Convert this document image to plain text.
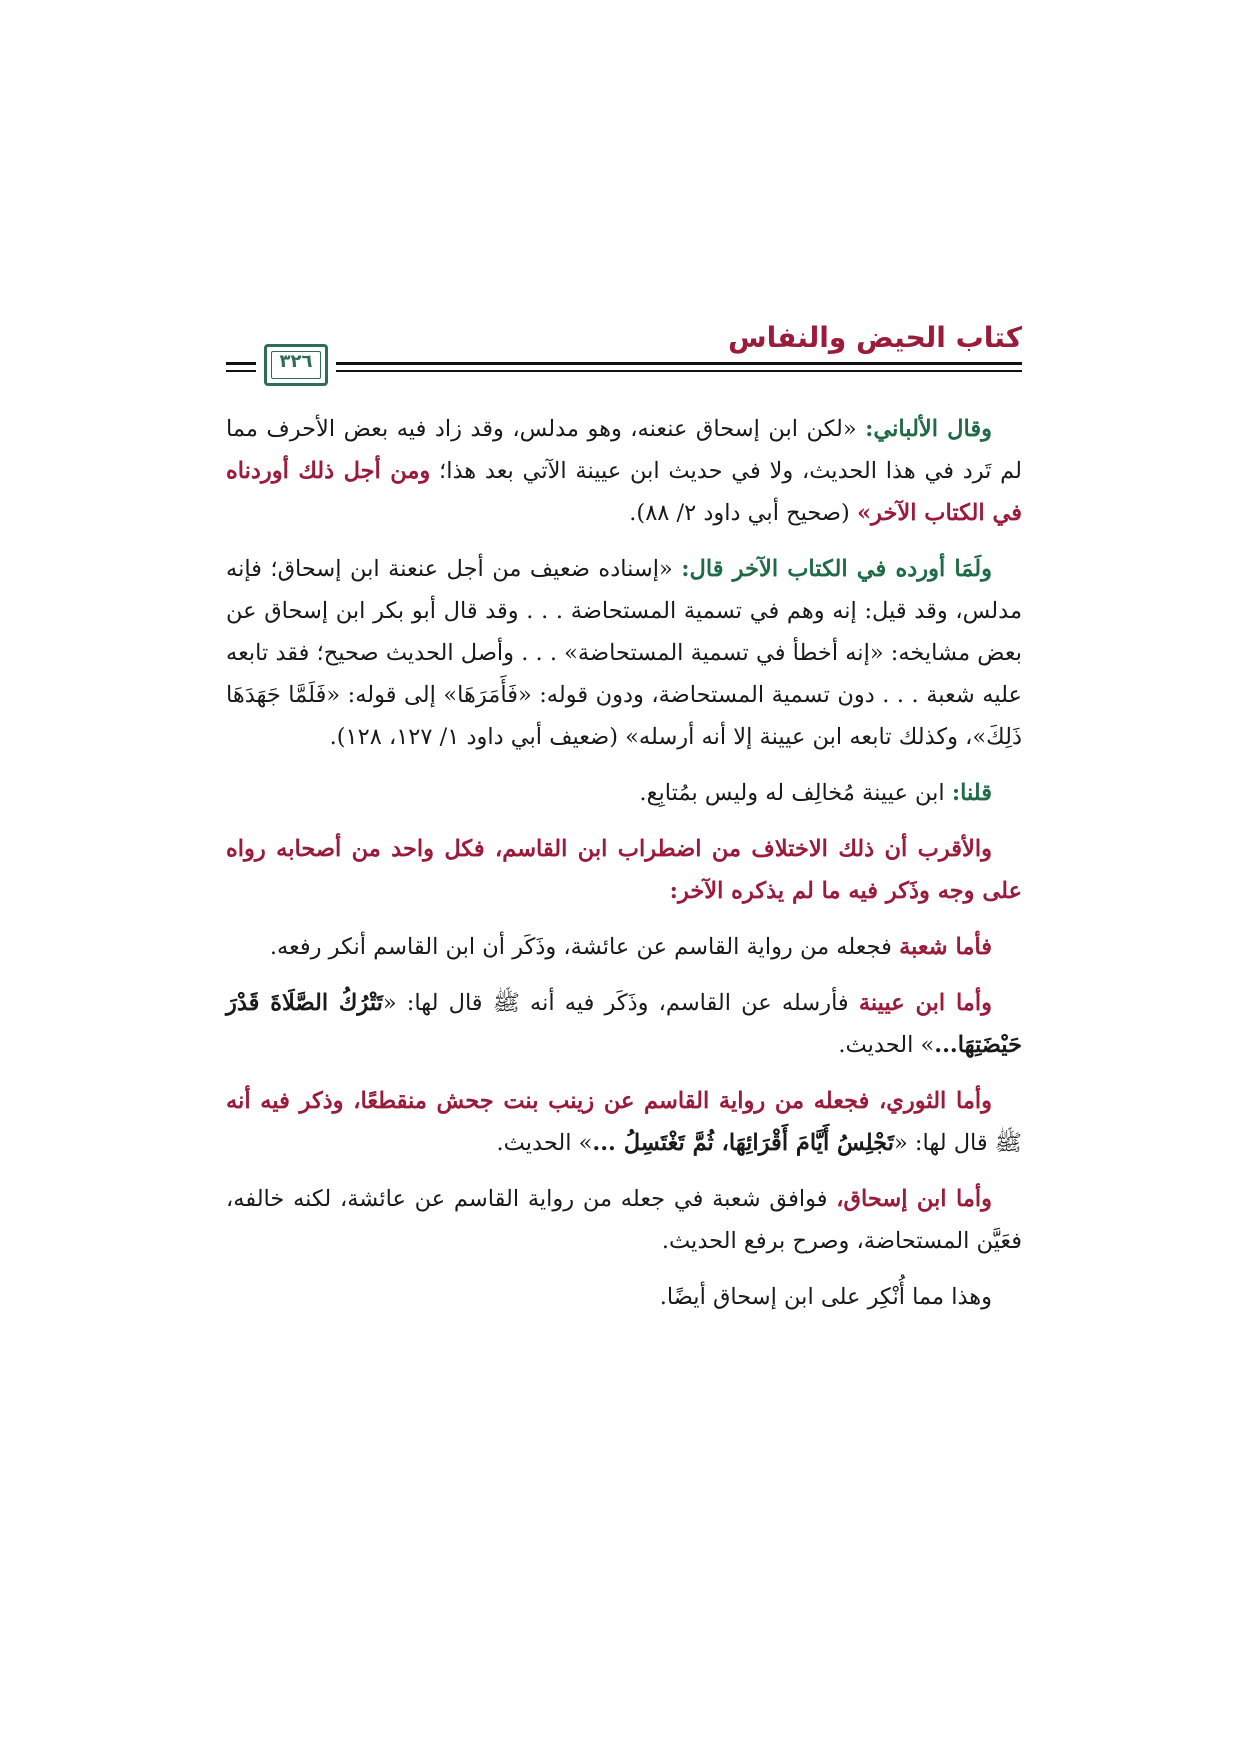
كتاب الحيض والنفاس
٣٢٦

وقال الألباني: «لكن ابن إسحاق عنعنه، وهو مدلس، وقد زاد فيه بعض الأحرف مما لم تَرد في هذا الحديث، ولا في حديث ابن عيينة الآتي بعد هذا؛ ومن أجل ذلك أوردناه في الكتاب الآخر» (صحيح أبي داود ٢/ ٨٨).

ولَمَا أورده في الكتاب الآخر قال: «إسناده ضعيف من أجل عنعنة ابن إسحاق؛ فإنه مدلس، وقد قيل: إنه وهم في تسمية المستحاضة . . . وقد قال أبو بكر ابن إسحاق عن بعض مشايخه: «إنه أخطأ في تسمية المستحاضة» . . . وأصل الحديث صحيح؛ فقد تابعه عليه شعبة . . . دون تسمية المستحاضة، ودون قوله: «فَأَمَرَهَا» إلى قوله: «فَلَمَّا جَهَدَهَا ذَلِكَ»، وكذلك تابعه ابن عيينة إلا أنه أرسله» (ضعيف أبي داود ١/ ١٢٧، ١٢٨).

قلنا: ابن عيينة مُخالِف له وليس بمُتابِع.

والأقرب أن ذلك الاختلاف من اضطراب ابن القاسم، فكل واحد من أصحابه رواه على وجه وذَكر فيه ما لم يذكره الآخر:

فأما شعبة فجعله من رواية القاسم عن عائشة، وذَكَر أن ابن القاسم أنكر رفعه.

وأما ابن عيينة فأرسله عن القاسم، وذَكَر فيه أنه ﷺ قال لها: «تَتْرُكُ الصَّلَاةَ قَدْرَ حَيْضَتِهَا...» الحديث.

وأما الثوري، فجعله من رواية القاسم عن زينب بنت جحش منقطعًا، وذكر فيه أنه ﷺ قال لها: «تَجْلِسُ أَيَّامَ أَقْرَائِهَا، ثُمَّ تَغْتَسِلُ ...» الحديث.

وأما ابن إسحاق، فوافق شعبة في جعله من رواية القاسم عن عائشة، لكنه خالفه، فعَيَّن المستحاضة، وصرح برفع الحديث.

وهذا مما أُنْكِر على ابن إسحاق أيضًا.
